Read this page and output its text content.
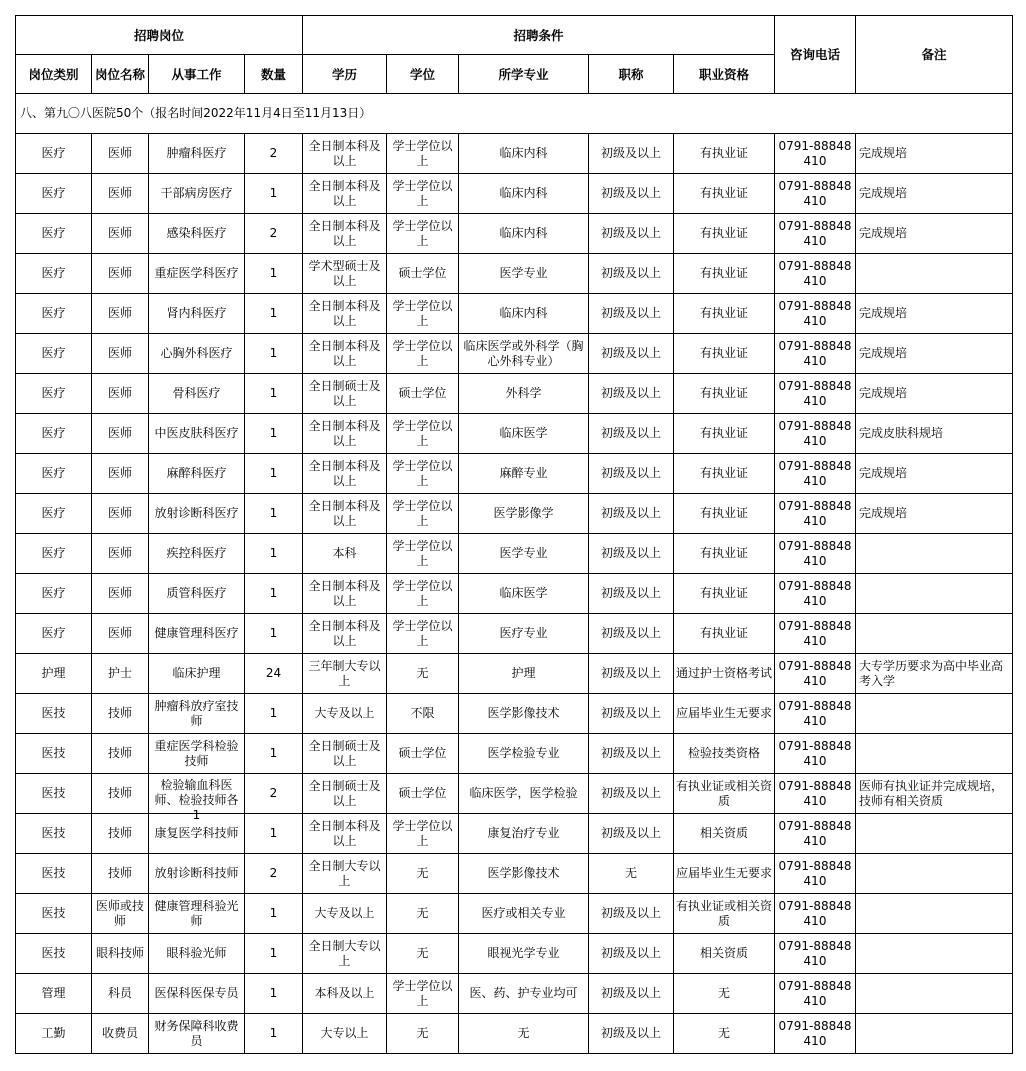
招聘岗位				招聘条件					咨询电话	备注
岗位类别	岗位名称	从事工作	数量	学历	学位	所学专业	职称	职业资格		
八、第九〇八医院50个（报名时间2022年11月4日至11月13日）										

医疗	医师	肿瘤科医疗	2	全日制本科及以上	学士学位以上	临床内科	初级及以上	有执业证	0791-88848410	完成规培

医疗	医师	干部病房医疗	1	全日制本科及以上	学士学位以上	临床内科	初级及以上	有执业证	0791-88848410	完成规培

医疗	医师	感染科医疗	2	全日制本科及以上	学士学位以上	临床内科	初级及以上	有执业证	0791-88848410	完成规培

医疗	医师	重症医学科医疗	1	学术型硕士及以上	硕士学位	医学专业	初级及以上	有执业证	0791-88848410	

医疗	医师	肾内科医疗	1	全日制本科及以上	学士学位以上	临床内科	初级及以上	有执业证	0791-88848410	完成规培

医疗	医师	心胸外科医疗	1	全日制本科及以上	学士学位以上	临床医学或外科学（胸心外科专业）	初级及以上	有执业证	0791-88848410	完成规培

医疗	医师	骨科医疗	1	全日制硕士及以上	硕士学位	外科学	初级及以上	有执业证	0791-88848410	完成规培

医疗	医师	中医皮肤科医疗	1	全日制本科及以上	学士学位以上	临床医学	初级及以上	有执业证	0791-88848410	完成皮肤科规培

医疗	医师	麻醉科医疗	1	全日制本科及以上	学士学位以上	麻醉专业	初级及以上	有执业证	0791-88848410	完成规培

医疗	医师	放射诊断科医疗	1	全日制本科及以上	学士学位以上	医学影像学	初级及以上	有执业证	0791-88848410	完成规培

医疗	医师	疾控科医疗	1	本科	学士学位以上	医学专业	初级及以上	有执业证	0791-88848410	

医疗	医师	质管科医疗	1	全日制本科及以上	学士学位以上	临床医学	初级及以上	有执业证	0791-88848410	

医疗	医师	健康管理科医疗	1	全日制本科及以上	学士学位以上	医疗专业	初级及以上	有执业证	0791-88848410	

护理	护士	临床护理	24	三年制大专以上	无	护理	初级及以上	通过护士资格考试	0791-88848410	大专学历要求为高中毕业高考入学

医技	技师	肿瘤科放疗室技师	1	大专及以上	不限	医学影像技术	初级及以上	应届毕业生无要求	0791-88848410	

医技	技师	重症医学科检验技师	1	全日制硕士及以上	硕士学位	医学检验专业	初级及以上	检验技类资格	0791-88848410	

医技	技师	检验输血科医师、检验技师各1	2	全日制硕士及以上	硕士学位	临床医学，医学检验	初级及以上	有执业证或相关资质	0791-88848410	医师有执业证并完成规培，技师有相关资质

医技	技师	康复医学科技师	1	全日制本科及以上	学士学位以上	康复治疗专业	初级及以上	相关资质	0791-88848410	

医技	技师	放射诊断科技师	2	全日制大专以上	无	医学影像技术	无	应届毕业生无要求	0791-88848410	

医技	医师或技师	健康管理科验光师	1	大专及以上	无	医疗或相关专业	初级及以上	有执业证或相关资质	0791-88848410	

医技	眼科技师	眼科验光师	1	全日制大专以上	无	眼视光学专业	初级及以上	相关资质	0791-88848410	

管理	科员	医保科医保专员	1	本科及以上	学士学位以上	医、药、护专业均可	初级及以上	无	0791-88848410	

工勤	收费员	财务保障科收费员	1	大专以上	无	无	初级及以上	无	0791-88848410	
